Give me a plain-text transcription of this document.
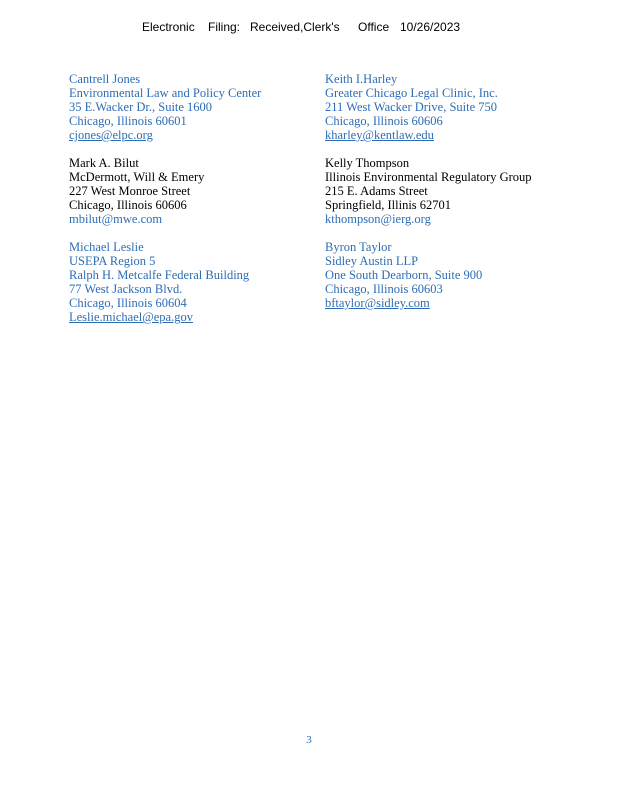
Electronic Filing: Received,Clerk's Office 10/26/2023
Cantrell Jones
Environmental Law and Policy Center
35 E.Wacker Dr., Suite 1600
Chicago, Illinois 60601
cjones@elpc.org
Keith I.Harley
Greater Chicago Legal Clinic, Inc.
211 West Wacker Drive, Suite 750
Chicago, Illinois 60606
kharley@kentlaw.edu
Mark A. Bilut
McDermott, Will & Emery
227 West Monroe Street
Chicago, Illinois 60606
mbilut@mwe.com
Kelly Thompson
Illinois Environmental Regulatory Group
215 E. Adams Street
Springfield, Illinis 62701
kthompson@ierg.org
Michael Leslie
USEPA Region 5
Ralph H. Metcalfe Federal Building
77 West Jackson Blvd.
Chicago, Illinois 60604
Leslie.michael@epa.gov
Byron Taylor
Sidley Austin LLP
One South Dearborn, Suite 900
Chicago, Illinois 60603
bftaylor@sidley.com
3
